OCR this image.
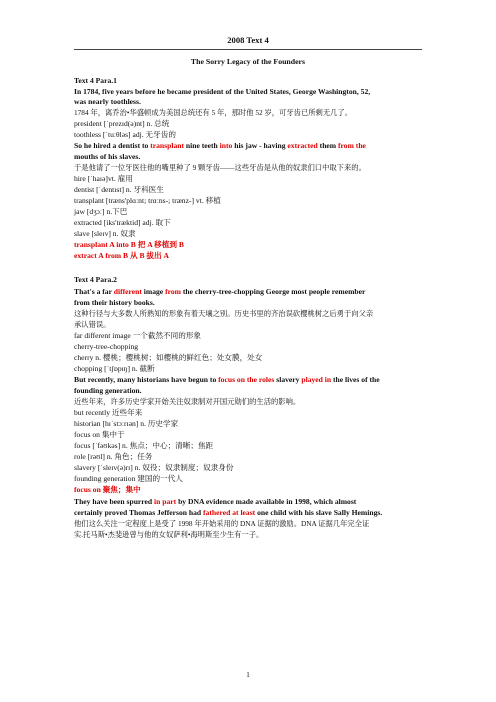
2008 Text 4
The Sorry Legacy of the Founders
Text 4 Para.1
In 1784, five years before he became president of the United States, George Washington, 52,
was nearly toothless.
1784 年，离乔治•华盛顿成为美国总统还有 5 年，那时他 52 岁，可牙齿已所剩无几了。
president [ˈprezɪd(ə)nt] n. 总统
toothless [ˈtuːθləs] adj. 无牙齿的
So he hired a dentist to transplant nine teeth into his jaw - having extracted them from the
mouths of his slaves.
于是他请了一位牙医往他的嘴里种了 9 颗牙齿——这些牙齿是从他的奴隶们口中取下来的。
hire [ˈhaɪə]vt. 雇用
dentist [ˈdentɪst] n. 牙科医生
transplant [træns'plɑːnt; trɑːns-; trænz-] vt. 移植
jaw [dʒɔː] n.下巴
extracted [iks'træktid] adj. 取下
slave [sleɪv] n. 奴隶
transplant A into B 把 A 移植到 B
extract A from B 从 B 拔出 A
Text 4 Para.2
That's a far different image from the cherry-tree-chopping George most people remember
from their history books.
这种行径与大多数人所熟知的形象有着天壤之别。历史书里的齐治误砍樱桃树之后勇于向父亲
承认错误。
far different image 一个截然不同的形象
cherry-tree-chopping
cherry n. 樱桃；樱桃树；如樱桃的鲜红色；处女膜，处女
chopping [ˈtʃɒpɪŋ] n. 截断
But recently, many historians have begun to focus on the roles slavery played in the lives of the
founding generation.
近些年来，许多历史学家开始关注奴隶制对开国元勋们的生活的影响。
but recently 近些年来
historian [hɪˈstɔːrɪən] n. 历史学家
focus on 集中于
focus [ˈfəʊkəs] n. 焦点；中心；清晰；焦距
role [rəʊl] n. 角色；任务
slavery [ˈsleɪv(ə)rɪ] n. 奴役；奴隶制度；奴隶身份
founding generation 建国的一代人
focus on 聚焦；集中
They have been spurred in part by DNA evidence made available in 1998, which almost
certainly proved Thomas Jefferson had fathered at least one child with his slave Sally Hemings.
他们这么关注一定程度上是受了 1998 年开始采用的 DNA 证据的激励。DNA 证据几年完全证
实.托马斯•杰斐逊曾与他的女奴萨利•海明斯至少生有一子。
1
